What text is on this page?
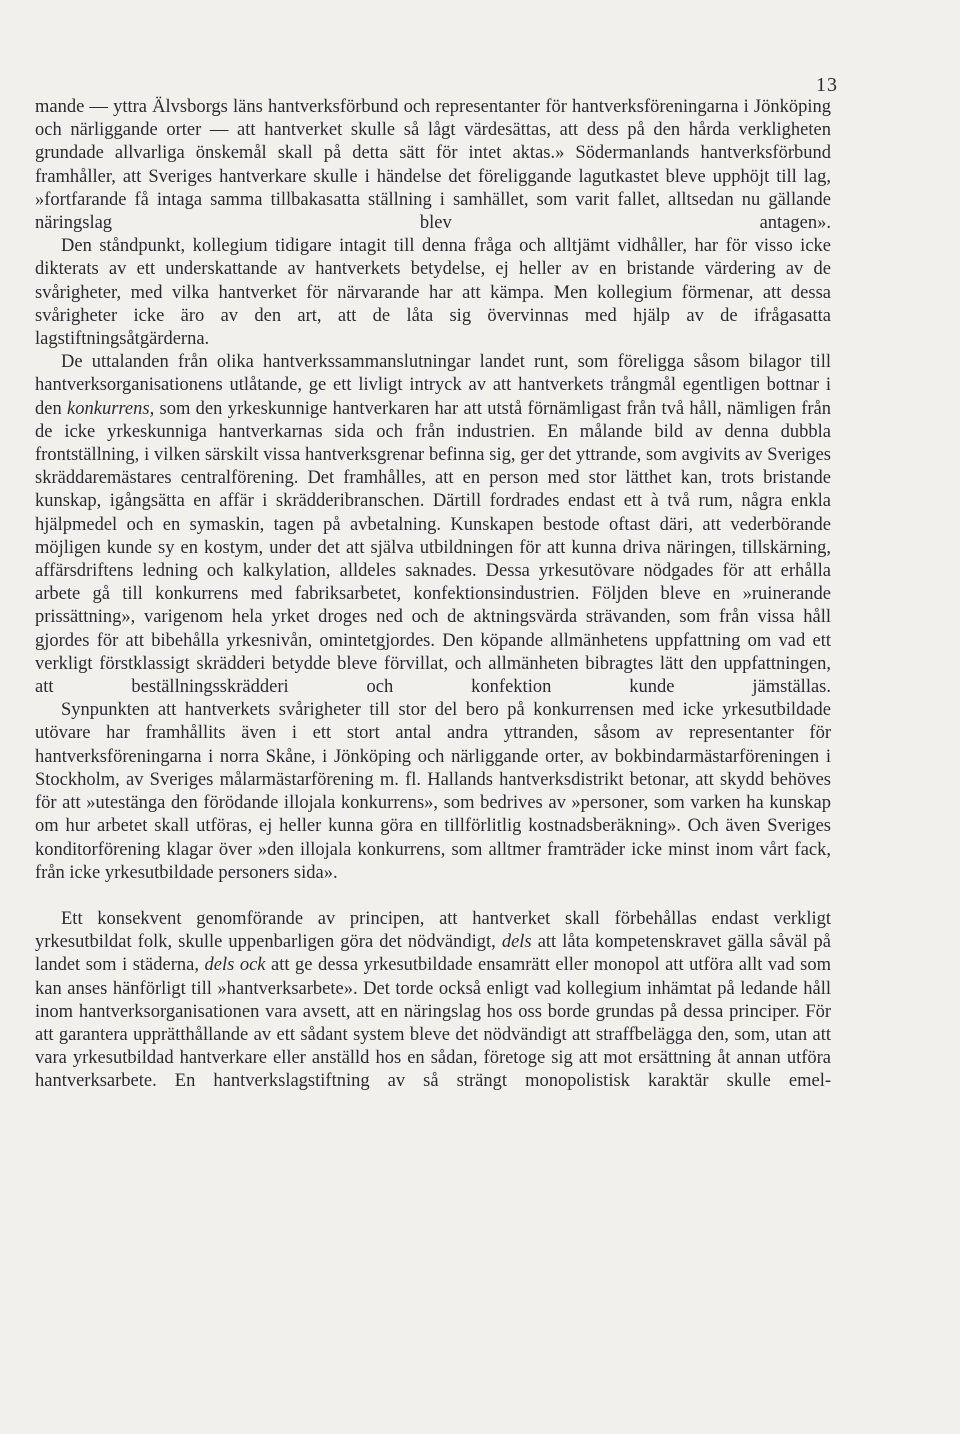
13

mande — yttra Älvsborgs läns hantverksförbund och representanter för hantverksföreningarna i Jönköping och närliggande orter — att hantverket skulle så lågt värdesättas, att dess på den hårda verkligheten grundade allvarliga önskemål skall på detta sätt för intet aktas.» Södermanlands hantverksförbund framhåller, att Sveriges hantverkare skulle i händelse det föreliggande lagutkastet bleve upphöjt till lag, »fortfarande få intaga samma tillbakasatta ställning i samhället, som varit fallet, alltsedan nu gällande näringslag blev antagen».

Den ståndpunkt, kollegium tidigare intagit till denna fråga och alltjämt vidhåller, har för visso icke dikterats av ett underskattande av hantverkets betydelse, ej heller av en bristande värdering av de svårigheter, med vilka hantverket för närvarande har att kämpa. Men kollegium förmenar, att dessa svårigheter icke äro av den art, att de låta sig övervinnas med hjälp av de ifrågasatta lagstiftningsåtgärderna.

De uttalanden från olika hantverkssammanslutningar landet runt, som föreligga såsom bilagor till hantverksorganisationens utlåtande, ge ett livligt intryck av att hantverkets trångmål egentligen bottnar i den konkurrens, som den yrkeskunnige hantverkaren har att utstå förnämligast från två håll, nämligen från de icke yrkeskunniga hantverkarnas sida och från industrien. En målande bild av denna dubbla frontställning, i vilken särskilt vissa hantverksgrenar befinna sig, ger det yttrande, som avgivits av Sveriges skräddaremästares centralförening. Det framhålles, att en person med stor lätthet kan, trots bristande kunskap, igångsätta en affär i skrädderibranschen. Därtill fordrades endast ett à två rum, några enkla hjälpmedel och en symaskin, tagen på avbetalning. Kunskapen bestode oftast däri, att vederbörande möjligen kunde sy en kostym, under det att själva utbildningen för att kunna driva näringen, tillskärning, affärsdriftens ledning och kalkylation, alldeles saknades. Dessa yrkesutövare nödgades för att erhålla arbete gå till konkurrens med fabriksarbetet, konfektionsindustrien. Följden bleve en »ruinerande prissättning», varigenom hela yrket droges ned och de aktningsvärda strävanden, som från vissa håll gjordes för att bibehålla yrkesnivån, omintetgjordes. Den köpande allmänhetens uppfattning om vad ett verkligt förstklassigt skrädderi betydde bleve förvillat, och allmänheten bibragtes lätt den uppfattningen, att beställningsskrädderi och konfektion kunde jämställas.

Synpunkten att hantverkets svårigheter till stor del bero på konkurrensen med icke yrkesutbildade utövare har framhållits även i ett stort antal andra yttranden, såsom av representanter för hantverksföreningarna i norra Skåne, i Jönköping och närliggande orter, av bokbindarmästarföreningen i Stockholm, av Sveriges målarmästarförening m. fl. Hallands hantverksdistrikt betonar, att skydd behöves för att »utestänga den förödande illojala konkurrens», som bedrives av »personer, som varken ha kunskap om hur arbetet skall utföras, ej heller kunna göra en tillförlitlig kostnadsberäkning». Och även Sveriges konditorförening klagar över »den illojala konkurrens, som alltmer framträder icke minst inom vårt fack, från icke yrkesutbildade personers sida».

Ett konsekvent genomförande av principen, att hantverket skall förbehållas endast verkligt yrkesutbildat folk, skulle uppenbarligen göra det nödvändigt, dels att låta kompetenskravet gälla såväl på landet som i städerna, dels ock att ge dessa yrkesutbildade ensamrätt eller monopol att utföra allt vad som kan anses hänförligt till »hantverksarbete». Det torde också enligt vad kollegium inhämtat på ledande håll inom hantverksorganisationen vara avsett, att en näringslag hos oss borde grundas på dessa principer. För att garantera upprätthållande av ett sådant system bleve det nödvändigt att straffbelägga den, som, utan att vara yrkesutbildad hantverkare eller anställd hos en sådan, företoge sig att mot ersättning åt annan utföra hantverksarbete. En hantverkslagstiftning av så strängt monopolistisk karaktär skulle emel-
